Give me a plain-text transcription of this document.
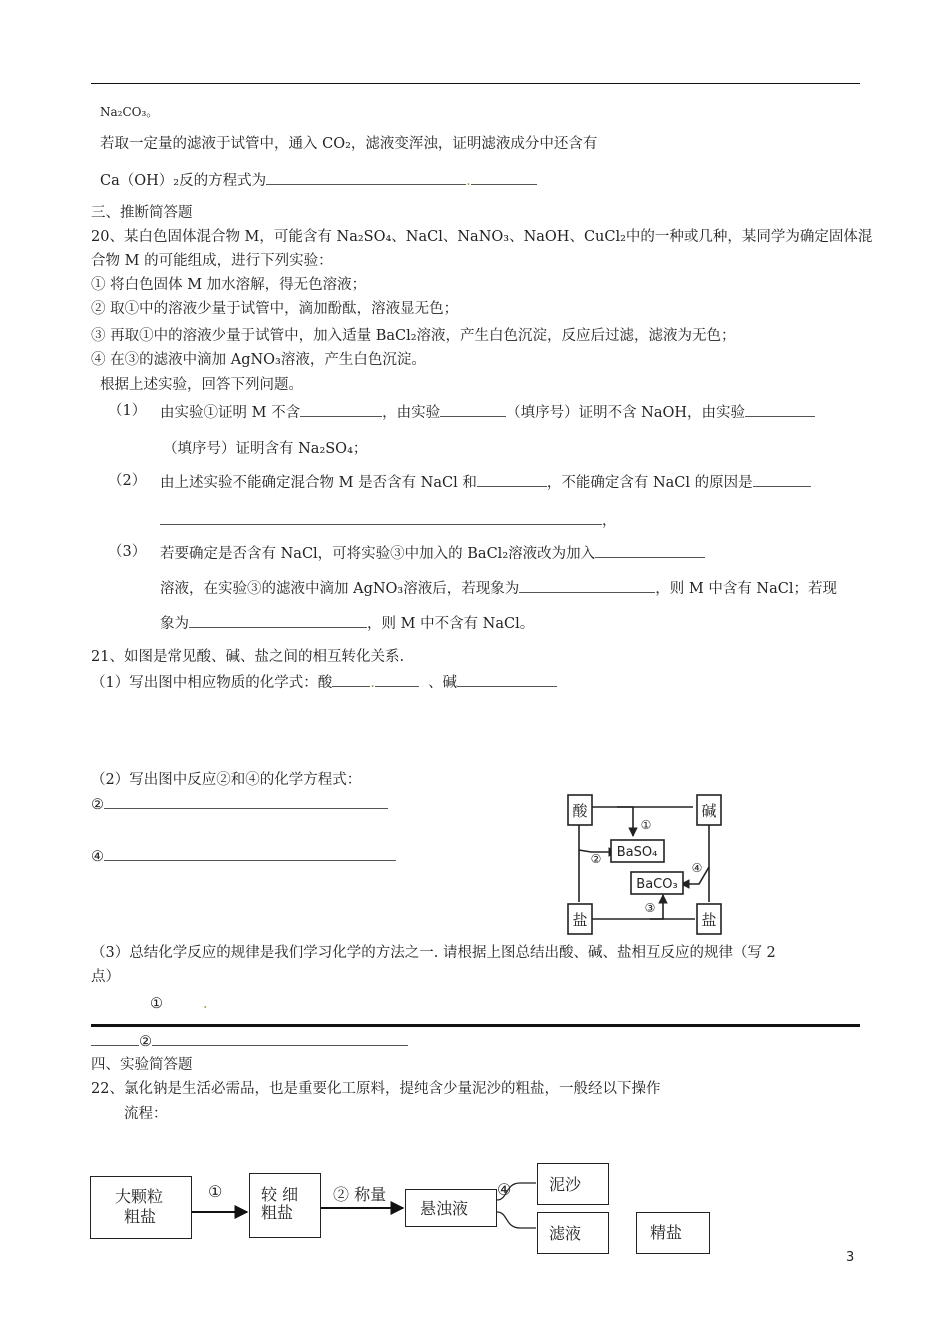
Na₂CO₃。
若取一定量的滤液于试管中，通入 CO₂，滤液变浑浊，证明滤液成分中还含有
Ca（OH）₂反的方程式为	.
三、推断简答题
20、某白色固体混合物 M，可能含有 Na₂SO₄、NaCl、NaNO₃、NaOH、CuCl₂中的一种或几种，某同学为确定固体混
合物 M 的可能组成，进行下列实验：
① 将白色固体 M 加水溶解，得无色溶液；
② 取①中的溶液少量于试管中，滴加酚酞，溶液显无色；
③ 再取①中的溶液少量于试管中，加入适量 BaCl₂溶液，产生白色沉淀，反应后过滤，滤液为无色；
④ 在③的滤液中滴加 AgNO₃溶液，产生白色沉淀。
根据上述实验，回答下列问题。
（1） 由实验①证明 M 不含	，由实验	（填序号）证明不含 NaOH，由实验
（填序号）证明含有 Na₂SO₄；
（2） 由上述实验不能确定混合物 M 是否含有 NaCl 和	，不能确定含有 NaCl 的原因是
，
（3） 若要确定是否含有 NaCl，可将实验③中加入的 BaCl₂溶液改为加入
溶液，在实验③的滤液中滴加 AgNO₃溶液后，若现象为	，则 M 中含有 NaCl；若现
象为	，则 M 中不含有 NaCl。
21、如图是常见酸、碱、盐之间的相互转化关系.
（1）写出图中相应物质的化学式：酸	.	、碱
（2）写出图中反应②和④的化学方程式：
②
④
酸	碱
盐	盐
BaSO₄
BaCO₃
①
②
④
③
（3）总结化学反应的规律是我们学习化学的方法之一. 请根据上图总结出酸、碱、盐相互反应的规律（写 2
点）
①	.
②
四、实验简答题
22、氯化钠是生活必需品，也是重要化工原料，提纯含少量泥沙的粗盐，一般经以下操作
流程：
大颗粒
粗盐
① 较 细
粗盐
② 称量
悬浊液
④ 泥沙
滤液	精盐
3
